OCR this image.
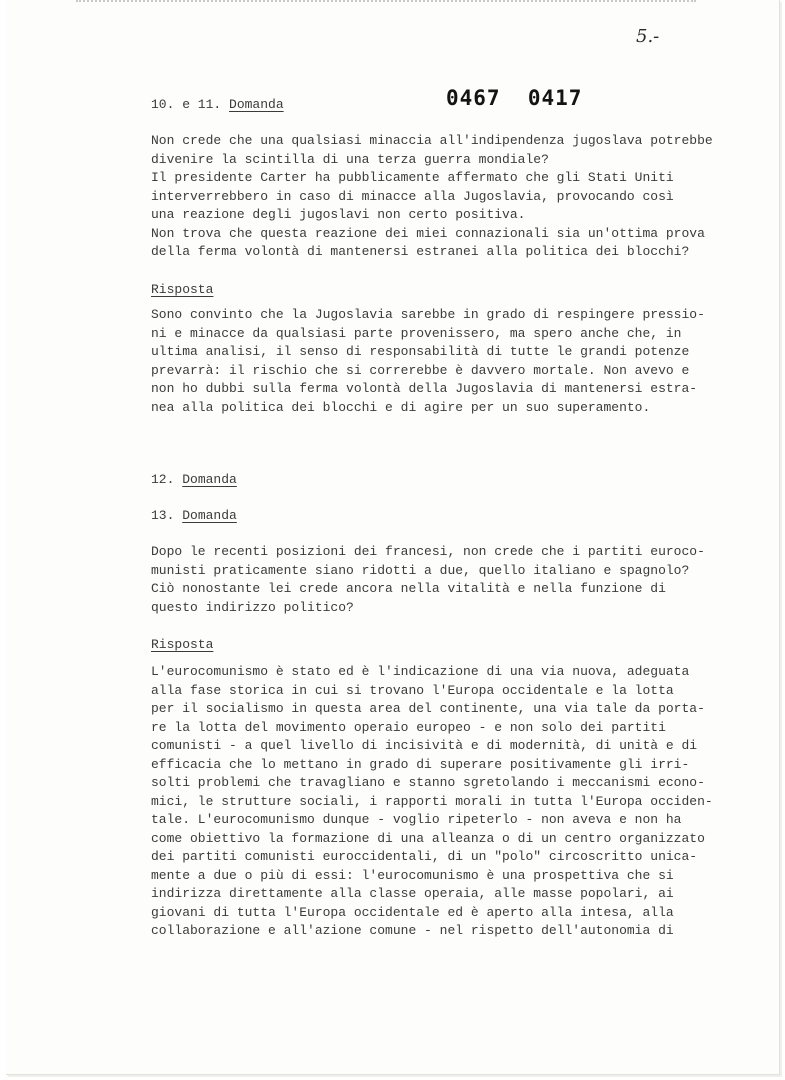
5.-
0467  0417
10. e 11. Domanda
Non crede che una qualsiasi minaccia all'indipendenza jugoslava potrebbe
divenire la scintilla di una terza guerra mondiale?
Il presidente Carter ha pubblicamente affermato che gli Stati Uniti
interverrebbero in caso di minacce alla Jugoslavia, provocando così
una reazione degli jugoslavi non certo positiva.
Non trova che questa reazione dei miei connazionali sia un'ottima prova
della ferma volontà di mantenersi estranei alla politica dei blocchi?
Risposta
Sono convinto che la Jugoslavia sarebbe in grado di respingere pressio-
ni e minacce da qualsiasi parte provenissero, ma spero anche che, in
ultima analisi, il senso di responsabilità di tutte le grandi potenze
prevarrà: il rischio che si correrebbe è davvero mortale. Non avevo e
non ho dubbi sulla ferma volontà della Jugoslavia di mantenersi estra-
nea alla politica dei blocchi e di agire per un suo superamento.
12. Domanda
13. Domanda
Dopo le recenti posizioni dei francesi, non crede che i partiti euroco-
munisti praticamente siano ridotti a due, quello italiano e spagnolo?
Ciò nonostante lei crede ancora nella vitalità e nella funzione di
questo indirizzo politico?
Risposta
L'eurocomunismo è stato ed è l'indicazione di una via nuova, adeguata
alla fase storica in cui si trovano l'Europa occidentale e la lotta
per il socialismo in questa area del continente, una via tale da porta-
re la lotta del movimento operaio europeo - e non solo dei partiti
comunisti - a quel livello di incisività e di modernità, di unità e di
efficacia che lo mettano in grado di superare positivamente gli irri-
solti problemi che travagliano e stanno sgretolando i meccanismi econo-
mici, le strutture sociali, i rapporti morali in tutta l'Europa occiden-
tale. L'eurocomunismo dunque - voglio ripeterlo - non aveva e non ha
come obiettivo la formazione di una alleanza o di un centro organizzato
dei partiti comunisti euroccidentali, di un "polo" circoscritto unica-
mente a due o più di essi: l'eurocomunismo è una prospettiva che si
indirizza direttamente alla classe operaia, alle masse popolari, ai
giovani di tutta l'Europa occidentale ed è aperto alla intesa, alla
collaborazione e all'azione comune - nel rispetto dell'autonomia di
